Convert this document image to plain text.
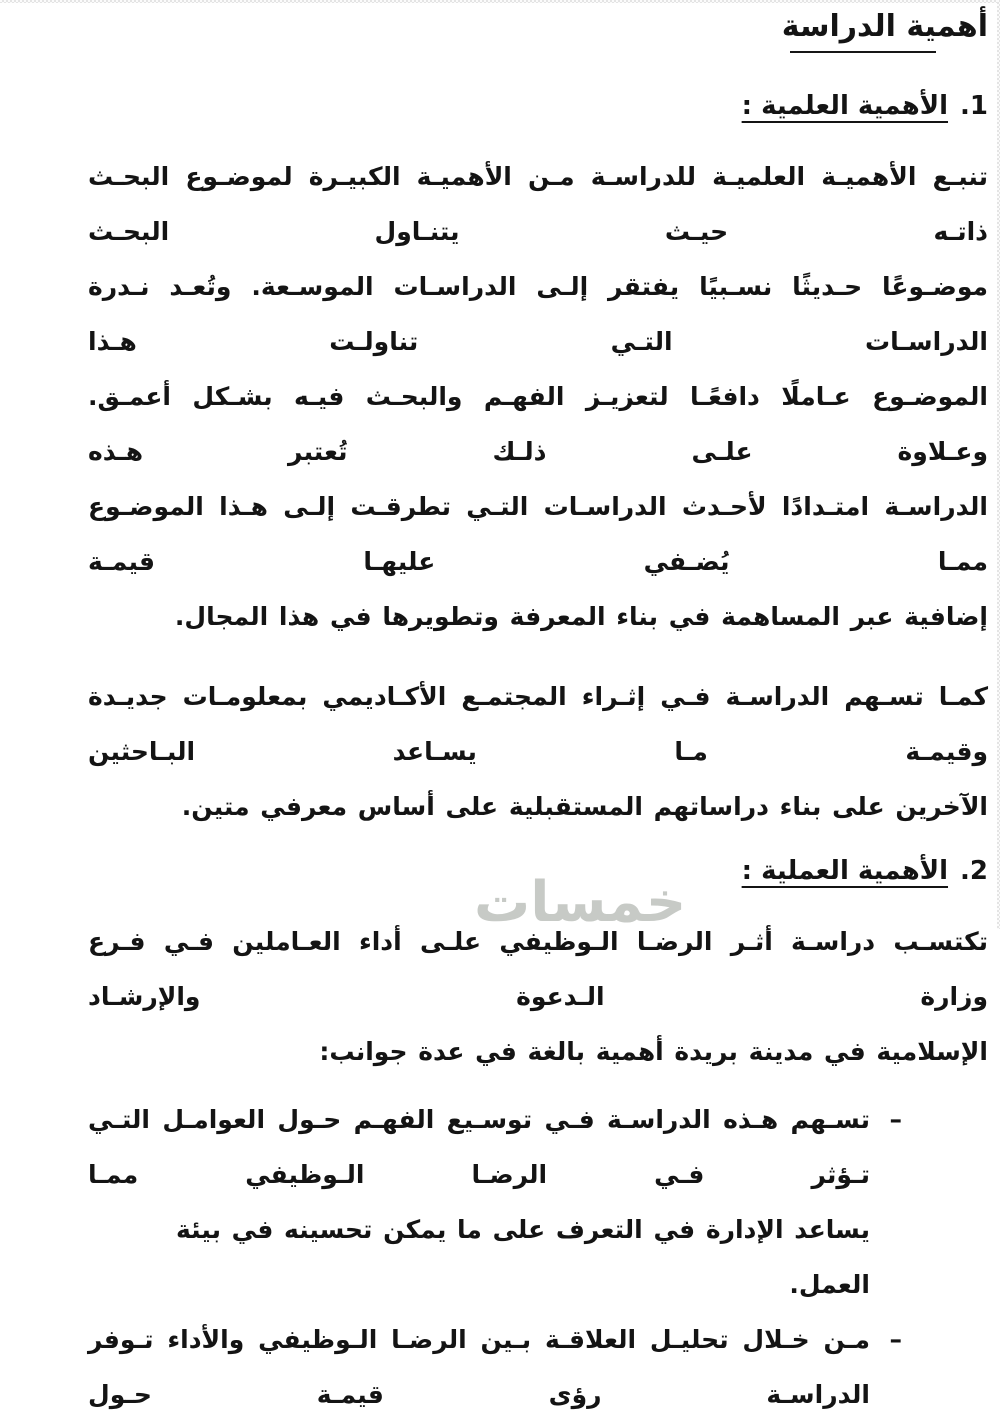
أهمية الدراسة
1.
الأهمية العلمية :
تنبـع الأهميـة العلميـة للدراسـة مـن الأهميـة الكبيـرة لموضـوع البحـث ذاتـه حيـث يتنـاول البحـث
موضـوعًا حـديثًا نسـبيًا يفتقر إلـى الدراسـات الموسـعة. وتُعـد نـدرة الدراسـات التـي تناولـت هـذا
الموضـوع عـاملًا دافعًـا لتعزيـز الفهـم والبحـث فيـه بشـكل أعمـق. وعـلاوة علـى ذلـك تُعتبر هـذه
الدراسـة امتـدادًا لأحـدث الدراسـات التـي تطرقـت إلـى هـذا الموضـوع ممـا يُضـفي عليهـا قيمـة
إضافية عبر المساهمة في بناء المعرفة وتطويرها في هذا المجال.
كمـا تسـهم الدراسـة فـي إثـراء المجتمـع الأكـاديمي بمعلومـات جديـدة وقيمـة مـا يسـاعد البـاحثين
الآخرين على بناء دراساتهم المستقبلية على أساس معرفي متين.
2.
الأهمية العملية :
تكتسـب دراسـة أثـر الرضـا الـوظيفي علـى أداء العـاملين فـي فـرع وزارة الـدعوة والإرشـاد
الإسلامية في مدينة بريدة أهمية بالغة في عدة جوانب:
–
تسـهم هـذه الدراسـة فـي توسـيع الفهـم حـول العوامـل التـي تـؤثر فـي الرضـا الـوظيفي ممـا
يساعد الإدارة في التعرف على ما يمكن تحسينه في بيئة العمل.
–
مـن خـلال تحليـل العلاقـة بـين الرضـا الـوظيفي والأداء تـوفر الدراسـة رؤى قيمـة حـول
خمسات
